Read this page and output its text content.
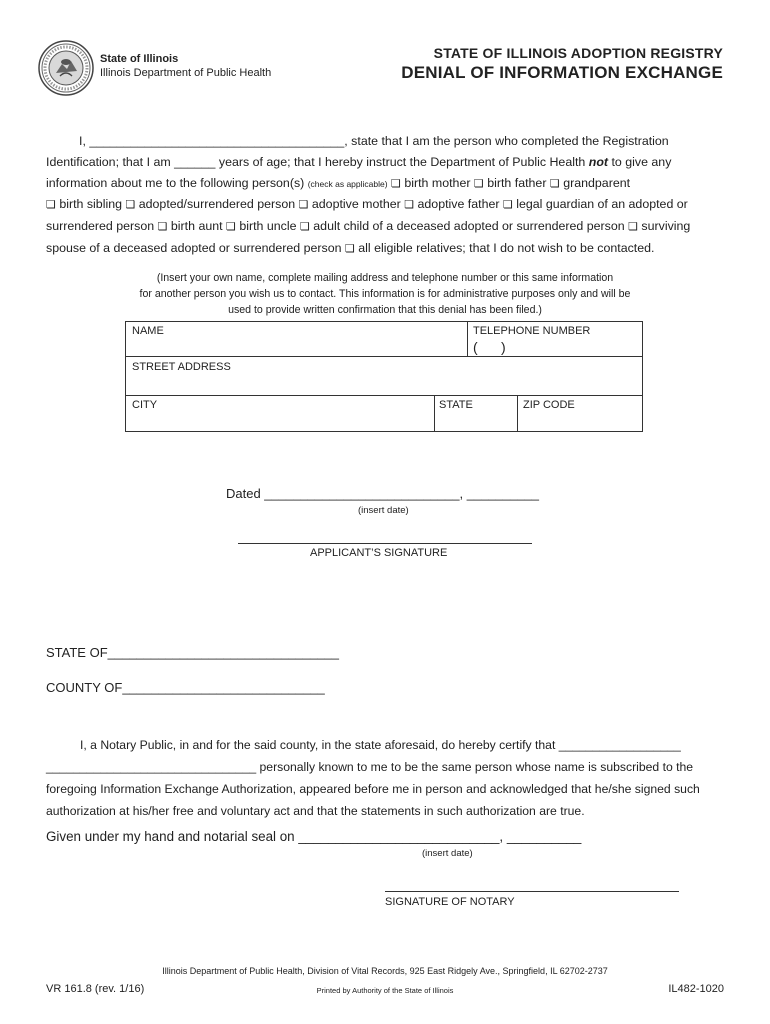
State of Illinois
Illinois Department of Public Health
STATE OF ILLINOIS ADOPTION REGISTRY
DENIAL OF INFORMATION EXCHANGE

I, _____________________________________, state that I am the person who completed the Registration

Identification; that I am ______ years of age; that I hereby instruct the Department of Public Health not to give any

information about me to the following person(s) (check as applicable) ❏ birth mother ❏ birth father ❏ grandparent

❏ birth sibling ❏ adopted/surrendered person ❏ adoptive mother ❏ adoptive father ❏ legal guardian of an adopted or

surrendered person ❏ birth aunt ❏ birth uncle ❏ adult child of a deceased adopted or surrendered person ❏ surviving

spouse of a deceased adopted or surrendered person ❏ all eligible relatives; that I do not wish to be contacted.

(Insert your own name, complete mailing address and telephone number or this same information

for another person you wish us to contact. This information is for administrative purposes only and will be

used to provide written confirmation that this denial has been filed.)

NAME	TELEPHONE NUMBER
(      )
STREET ADDRESS
CITY	STATE	ZIP CODE
Dated ___________________________, __________
(insert date)
APPLICANT’S SIGNATURE
STATE OF________________________________
COUNTY OF____________________________

I, a Notary Public, in and for the said county, in the state aforesaid, do hereby certify that __________________

_______________________________ personally known to me to be the same person whose name is subscribed to the

foregoing Information Exchange Authorization, appeared before me in person and acknowledged that he/she signed such

authorization at his/her free and voluntary act and that the statements in such authorization are true.

Given under my hand and notarial seal on ___________________________, __________
(insert date)
SIGNATURE OF NOTARY
Illinois Department of Public Health, Division of Vital Records, 925 East Ridgely Ave., Springfield, IL 62702-2737
VR 161.8 (rev. 1/16)	Printed by Authority of the State of Illinois	IL482-1020
